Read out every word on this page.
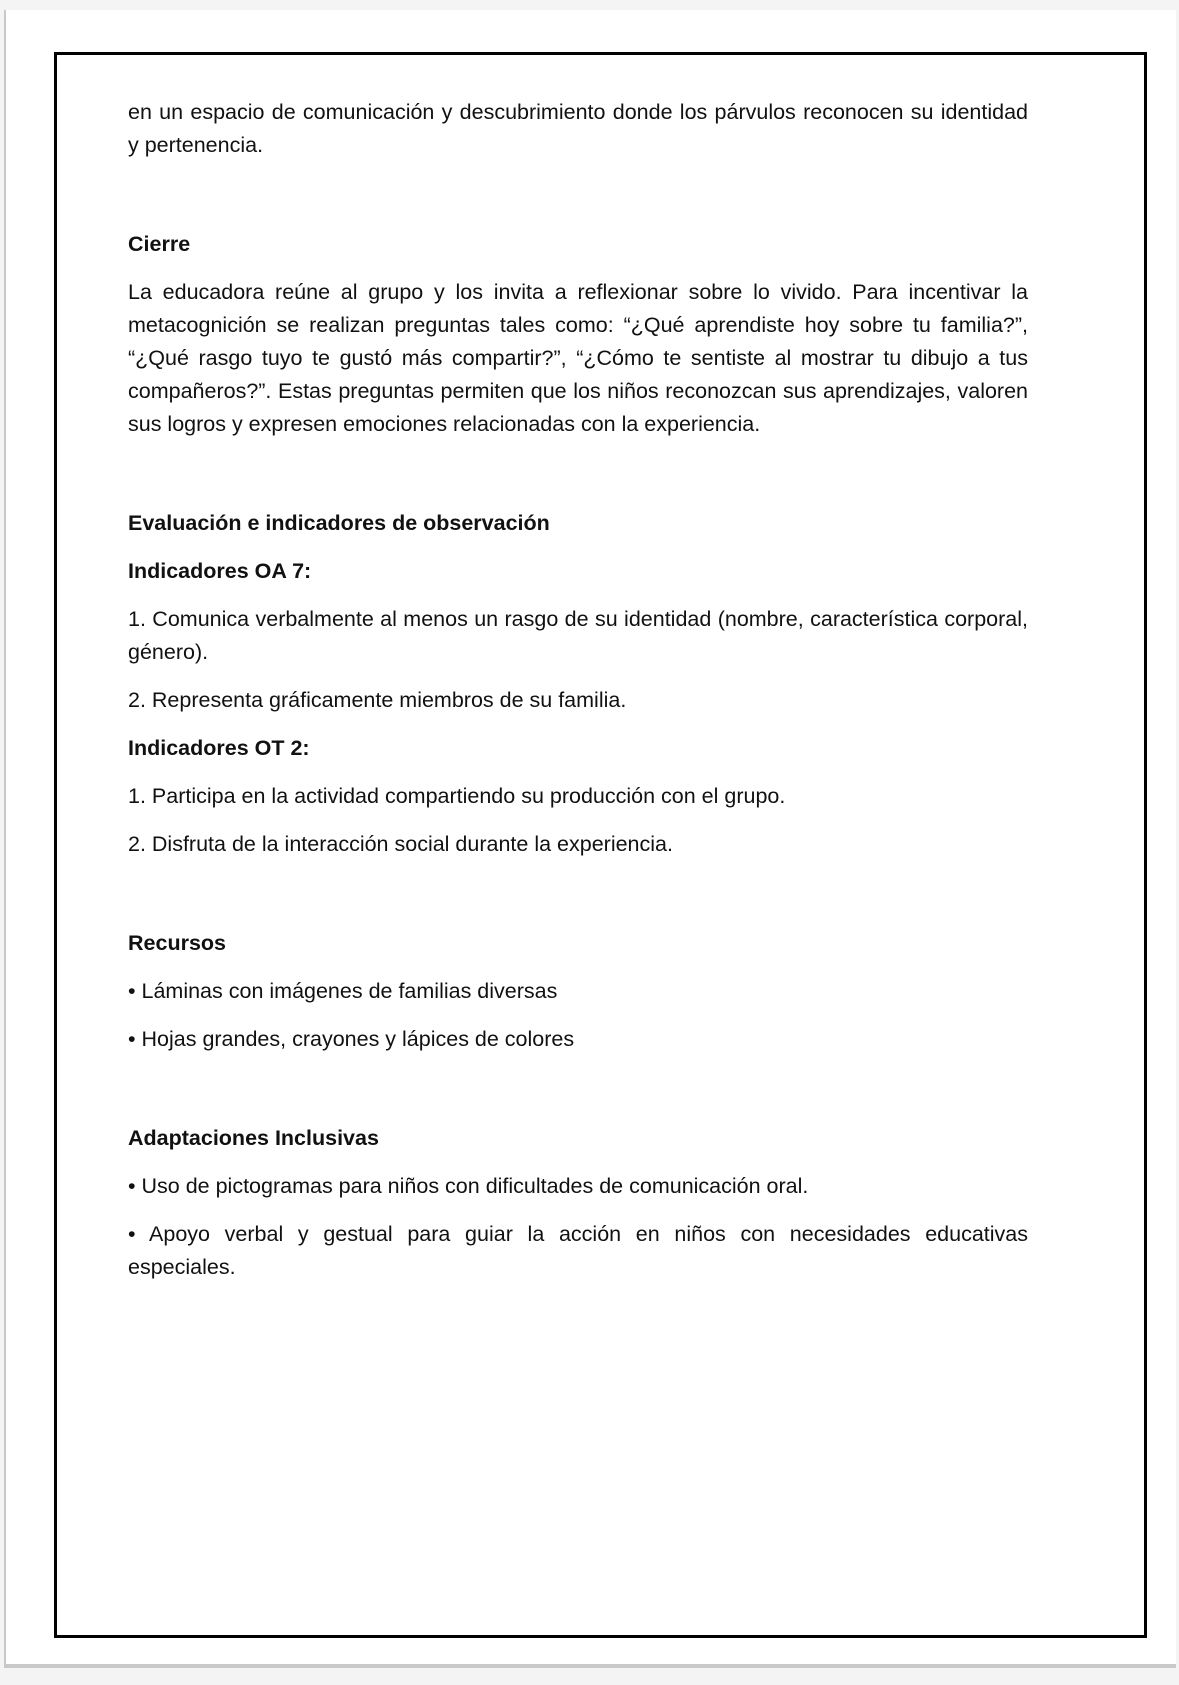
en un espacio de comunicación y descubrimiento donde los párvulos reconocen su identidad y pertenencia.

Cierre

La educadora reúne al grupo y los invita a reflexionar sobre lo vivido. Para incentivar la metacognición se realizan preguntas tales como: “¿Qué aprendiste hoy sobre tu familia?”, “¿Qué rasgo tuyo te gustó más compartir?”, “¿Cómo te sentiste al mostrar tu dibujo a tus compañeros?”. Estas preguntas permiten que los niños reconozcan sus aprendizajes, valoren sus logros y expresen emociones relacionadas con la experiencia.

Evaluación e indicadores de observación
Indicadores OA 7:

1. Comunica verbalmente al menos un rasgo de su identidad (nombre, característica corporal, género).

2. Representa gráficamente miembros de su familia.

Indicadores OT 2:

1. Participa en la actividad compartiendo su producción con el grupo.

2. Disfruta de la interacción social durante la experiencia.

Recursos

• Láminas con imágenes de familias diversas

• Hojas grandes, crayones y lápices de colores

Adaptaciones Inclusivas

• Uso de pictogramas para niños con dificultades de comunicación oral.

• Apoyo verbal y gestual para guiar la acción en niños con necesidades educativas especiales.
